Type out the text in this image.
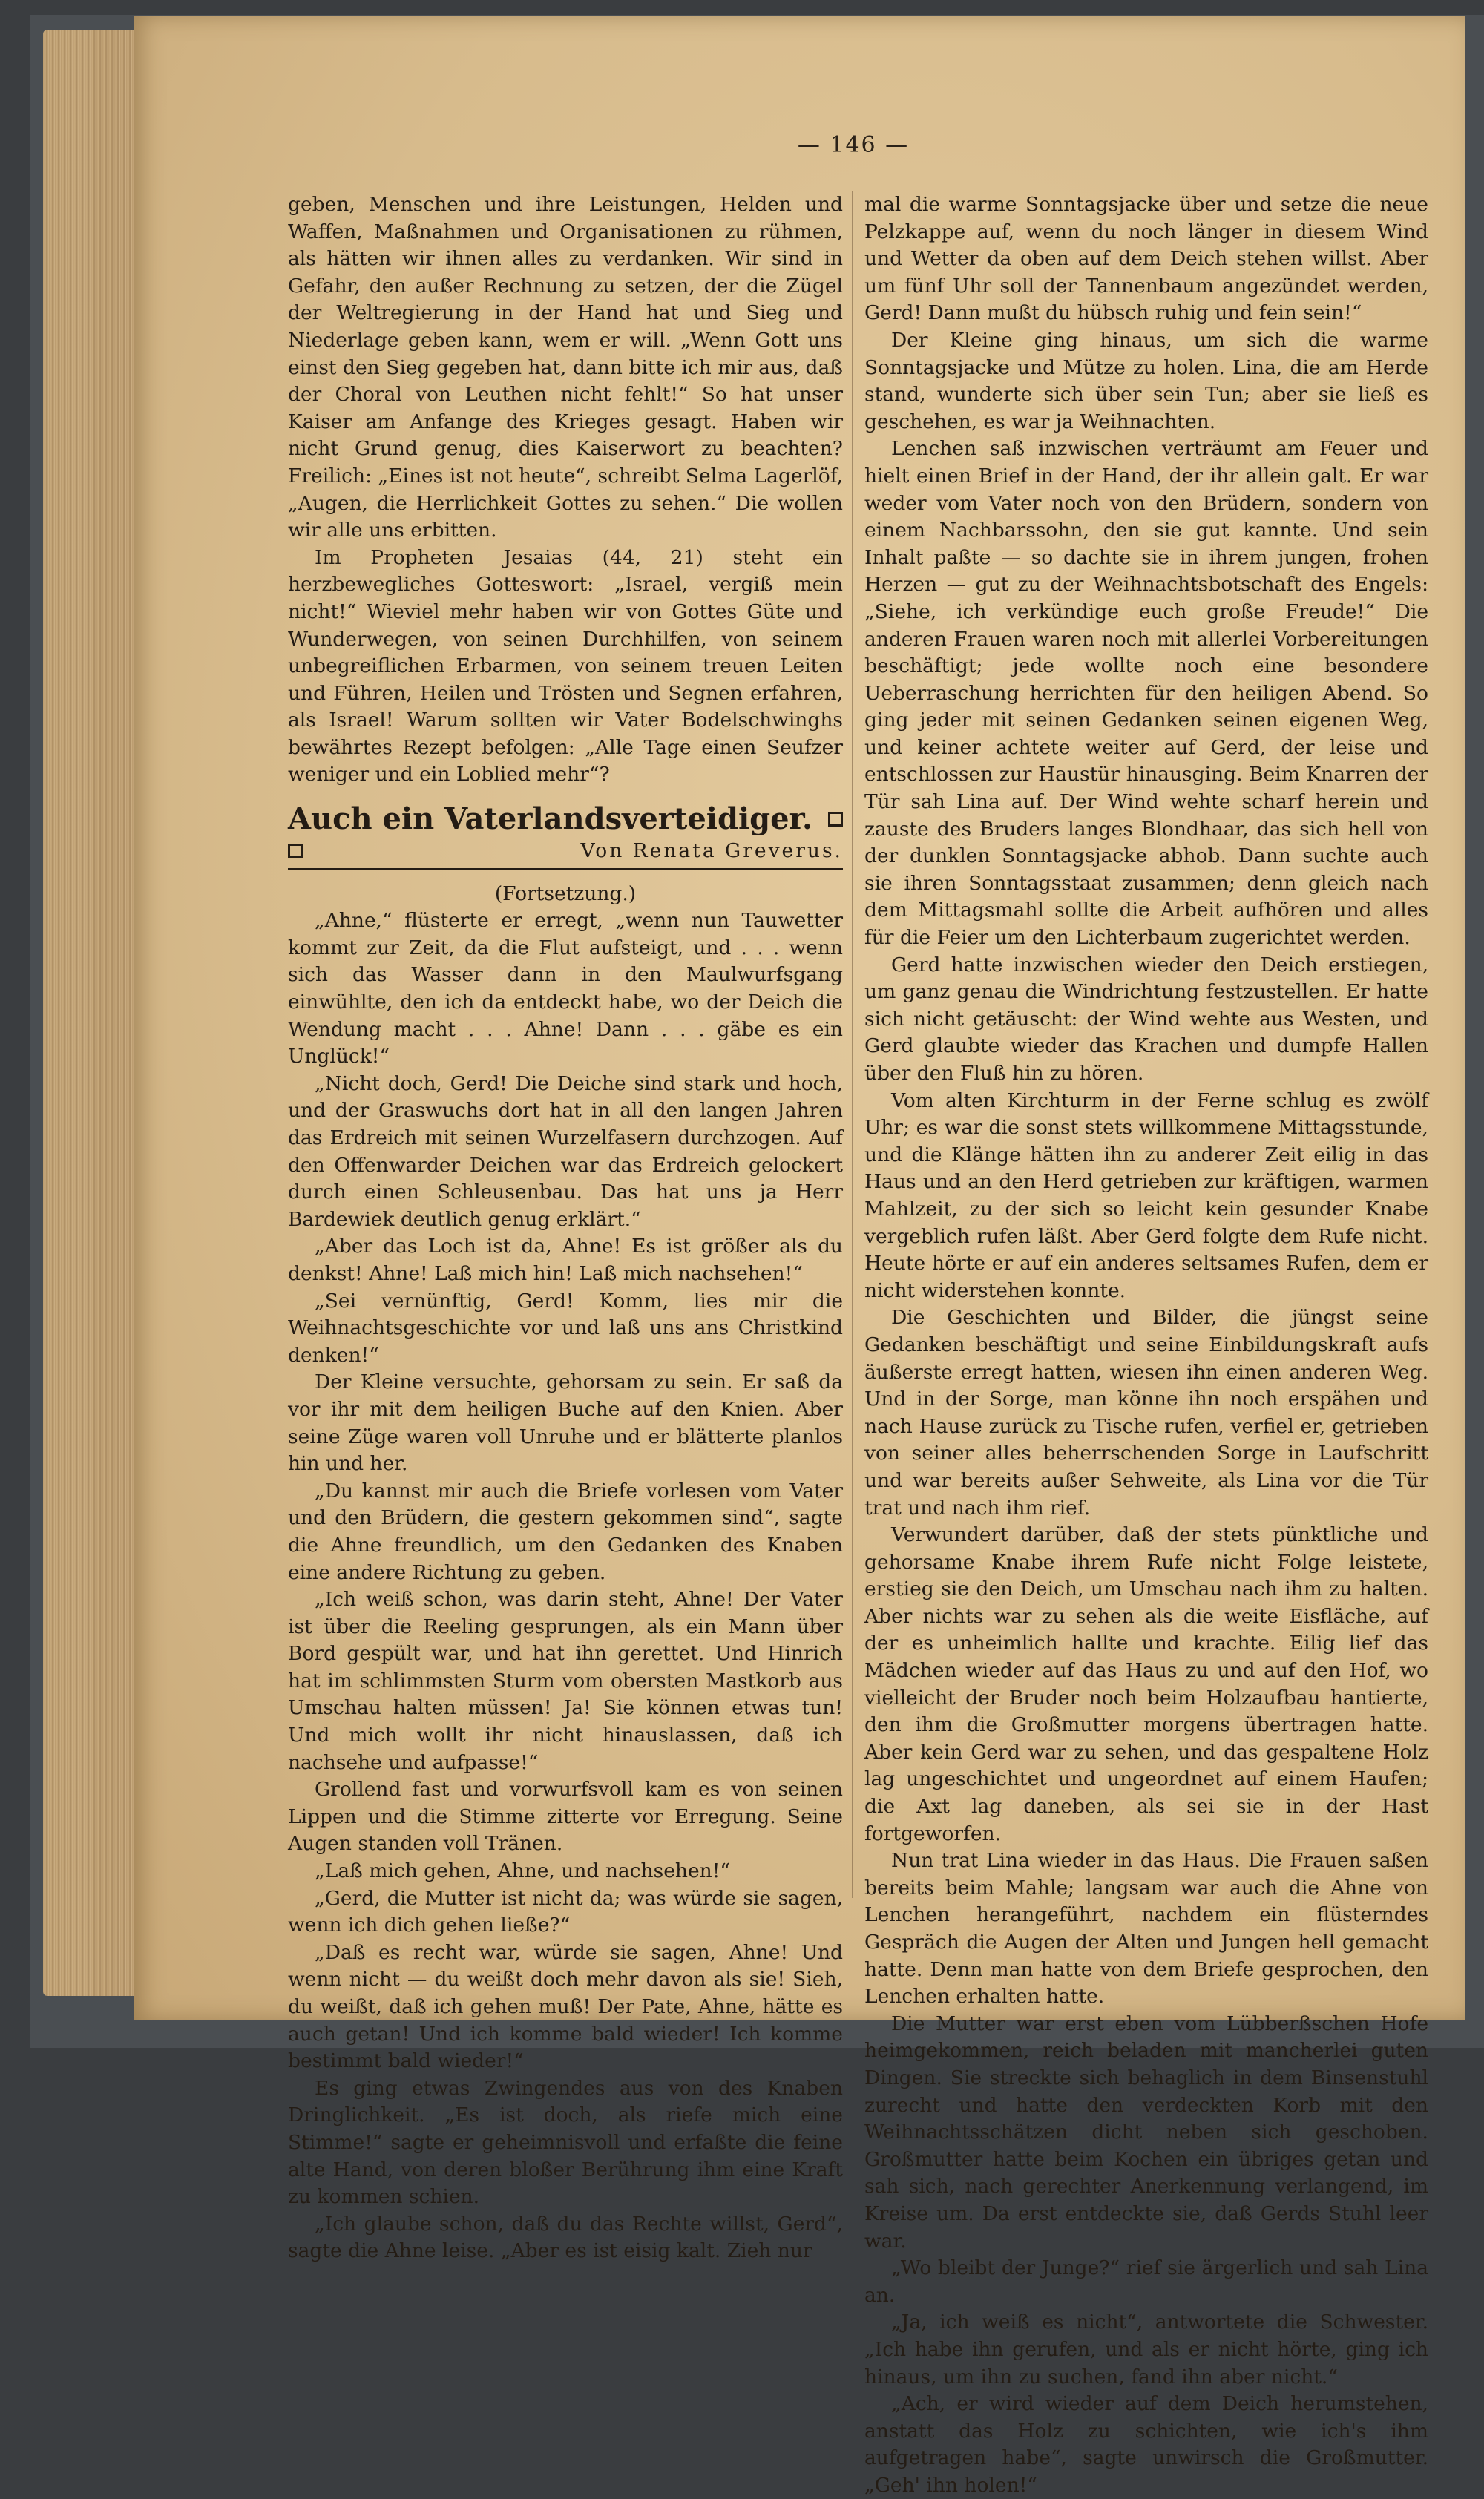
— 146 —

geben, Menschen und ihre Leistungen, Helden und Waffen, Maßnahmen und Organisationen zu rühmen, als hätten wir ihnen alles zu verdanken. Wir sind in Gefahr, den außer Rechnung zu setzen, der die Zügel der Weltregierung in der Hand hat und Sieg und Niederlage geben kann, wem er will. „Wenn Gott uns einst den Sieg gegeben hat, dann bitte ich mir aus, daß der Choral von Leuthen nicht fehlt!“ So hat unser Kaiser am Anfange des Krieges gesagt. Haben wir nicht Grund genug, dies Kaiserwort zu beachten? Freilich: „Eines ist not heute“, schreibt Selma Lagerlöf, „Augen, die Herrlichkeit Gottes zu sehen.“ Die wollen wir alle uns erbitten.

Im Propheten Jesaias (44, 21) steht ein herzbewegliches Gotteswort: „Israel, vergiß mein nicht!“ Wieviel mehr haben wir von Gottes Güte und Wunderwegen, von seinen Durchhilfen, von seinem unbegreiflichen Erbarmen, von seinem treuen Leiten und Führen, Heilen und Trösten und Segnen erfahren, als Israel! Warum sollten wir Vater Bodelschwinghs bewährtes Rezept befolgen: „Alle Tage einen Seufzer weniger und ein Loblied mehr“?

Auch ein Vaterlandsverteidiger.
Von Renata Greverus.

(Fortsetzung.)

„Ahne,“ flüsterte er erregt, „wenn nun Tauwetter kommt zur Zeit, da die Flut aufsteigt, und . . . wenn sich das Wasser dann in den Maulwurfsgang einwühlte, den ich da entdeckt habe, wo der Deich die Wendung macht . . . Ahne! Dann . . . gäbe es ein Unglück!“

„Nicht doch, Gerd! Die Deiche sind stark und hoch, und der Graswuchs dort hat in all den langen Jahren das Erdreich mit seinen Wurzelfasern durchzogen. Auf den Offenwarder Deichen war das Erdreich gelockert durch einen Schleusenbau. Das hat uns ja Herr Bardewiek deutlich genug erklärt.“

„Aber das Loch ist da, Ahne! Es ist größer als du denkst! Ahne! Laß mich hin! Laß mich nachsehen!“

„Sei vernünftig, Gerd! Komm, lies mir die Weihnachtsgeschichte vor und laß uns ans Christkind denken!“

Der Kleine versuchte, gehorsam zu sein. Er saß da vor ihr mit dem heiligen Buche auf den Knien. Aber seine Züge waren voll Unruhe und er blätterte planlos hin und her.

„Du kannst mir auch die Briefe vorlesen vom Vater und den Brüdern, die gestern gekommen sind“, sagte die Ahne freundlich, um den Gedanken des Knaben eine andere Richtung zu geben.

„Ich weiß schon, was darin steht, Ahne! Der Vater ist über die Reeling gesprungen, als ein Mann über Bord gespült war, und hat ihn gerettet. Und Hinrich hat im schlimmsten Sturm vom obersten Mastkorb aus Umschau halten müssen! Ja! Sie können etwas tun! Und mich wollt ihr nicht hinauslassen, daß ich nachsehe und aufpasse!“

Grollend fast und vorwurfsvoll kam es von seinen Lippen und die Stimme zitterte vor Erregung. Seine Augen standen voll Tränen.

„Laß mich gehen, Ahne, und nachsehen!“

„Gerd, die Mutter ist nicht da; was würde sie sagen, wenn ich dich gehen ließe?“

„Daß es recht war, würde sie sagen, Ahne! Und wenn nicht — du weißt doch mehr davon als sie! Sieh, du weißt, daß ich gehen muß! Der Pate, Ahne, hätte es auch getan! Und ich komme bald wieder! Ich komme bestimmt bald wieder!“

Es ging etwas Zwingendes aus von des Knaben Dringlichkeit. „Es ist doch, als riefe mich eine Stimme!“ sagte er geheimnisvoll und erfaßte die feine alte Hand, von deren bloßer Berührung ihm eine Kraft zu kommen schien.

„Ich glaube schon, daß du das Rechte willst, Gerd“, sagte die Ahne leise. „Aber es ist eisig kalt. Zieh nur

mal die warme Sonntagsjacke über und setze die neue Pelzkappe auf, wenn du noch länger in diesem Wind und Wetter da oben auf dem Deich stehen willst. Aber um fünf Uhr soll der Tannenbaum angezündet werden, Gerd! Dann mußt du hübsch ruhig und fein sein!“

Der Kleine ging hinaus, um sich die warme Sonntagsjacke und Mütze zu holen. Lina, die am Herde stand, wunderte sich über sein Tun; aber sie ließ es geschehen, es war ja Weihnachten.

Lenchen saß inzwischen verträumt am Feuer und hielt einen Brief in der Hand, der ihr allein galt. Er war weder vom Vater noch von den Brüdern, sondern von einem Nachbarssohn, den sie gut kannte. Und sein Inhalt paßte — so dachte sie in ihrem jungen, frohen Herzen — gut zu der Weihnachtsbotschaft des Engels: „Siehe, ich verkündige euch große Freude!“ Die anderen Frauen waren noch mit allerlei Vorbereitungen beschäftigt; jede wollte noch eine besondere Ueberraschung herrichten für den heiligen Abend. So ging jeder mit seinen Gedanken seinen eigenen Weg, und keiner achtete weiter auf Gerd, der leise und entschlossen zur Haustür hinausging. Beim Knarren der Tür sah Lina auf. Der Wind wehte scharf herein und zauste des Bruders langes Blondhaar, das sich hell von der dunklen Sonntagsjacke abhob. Dann suchte auch sie ihren Sonntagsstaat zusammen; denn gleich nach dem Mittagsmahl sollte die Arbeit aufhören und alles für die Feier um den Lichterbaum zugerichtet werden.

Gerd hatte inzwischen wieder den Deich erstiegen, um ganz genau die Windrichtung festzustellen. Er hatte sich nicht getäuscht: der Wind wehte aus Westen, und Gerd glaubte wieder das Krachen und dumpfe Hallen über den Fluß hin zu hören.

Vom alten Kirchturm in der Ferne schlug es zwölf Uhr; es war die sonst stets willkommene Mittagsstunde, und die Klänge hätten ihn zu anderer Zeit eilig in das Haus und an den Herd getrieben zur kräftigen, warmen Mahlzeit, zu der sich so leicht kein gesunder Knabe vergeblich rufen läßt. Aber Gerd folgte dem Rufe nicht. Heute hörte er auf ein anderes seltsames Rufen, dem er nicht widerstehen konnte.

Die Geschichten und Bilder, die jüngst seine Gedanken beschäftigt und seine Einbildungskraft aufs äußerste erregt hatten, wiesen ihn einen anderen Weg. Und in der Sorge, man könne ihn noch erspähen und nach Hause zurück zu Tische rufen, verfiel er, getrieben von seiner alles beherrschenden Sorge in Laufschritt und war bereits außer Sehweite, als Lina vor die Tür trat und nach ihm rief.

Verwundert darüber, daß der stets pünktliche und gehorsame Knabe ihrem Rufe nicht Folge leistete, erstieg sie den Deich, um Umschau nach ihm zu halten. Aber nichts war zu sehen als die weite Eisfläche, auf der es unheimlich hallte und krachte. Eilig lief das Mädchen wieder auf das Haus zu und auf den Hof, wo vielleicht der Bruder noch beim Holzaufbau hantierte, den ihm die Großmutter morgens übertragen hatte. Aber kein Gerd war zu sehen, und das gespaltene Holz lag ungeschichtet und ungeordnet auf einem Haufen; die Axt lag daneben, als sei sie in der Hast fortgeworfen.

Nun trat Lina wieder in das Haus. Die Frauen saßen bereits beim Mahle; langsam war auch die Ahne von Lenchen herangeführt, nachdem ein flüsterndes Gespräch die Augen der Alten und Jungen hell gemacht hatte. Denn man hatte von dem Briefe gesprochen, den Lenchen erhalten hatte.

Die Mutter war erst eben vom Lübberßschen Hofe heimgekommen, reich beladen mit mancherlei guten Dingen. Sie streckte sich behaglich in dem Binsenstuhl zurecht und hatte den verdeckten Korb mit den Weihnachtsschätzen dicht neben sich geschoben. Großmutter hatte beim Kochen ein übriges getan und sah sich, nach gerechter Anerkennung verlangend, im Kreise um. Da erst entdeckte sie, daß Gerds Stuhl leer war.

„Wo bleibt der Junge?“ rief sie ärgerlich und sah Lina an.

„Ja, ich weiß es nicht“, antwortete die Schwester. „Ich habe ihn gerufen, und als er nicht hörte, ging ich hinaus, um ihn zu suchen, fand ihn aber nicht.“

„Ach, er wird wieder auf dem Deich herumstehen, anstatt das Holz zu schichten, wie ich's ihm aufgetragen habe“, sagte unwirsch die Großmutter. „Geh' ihn holen!“
